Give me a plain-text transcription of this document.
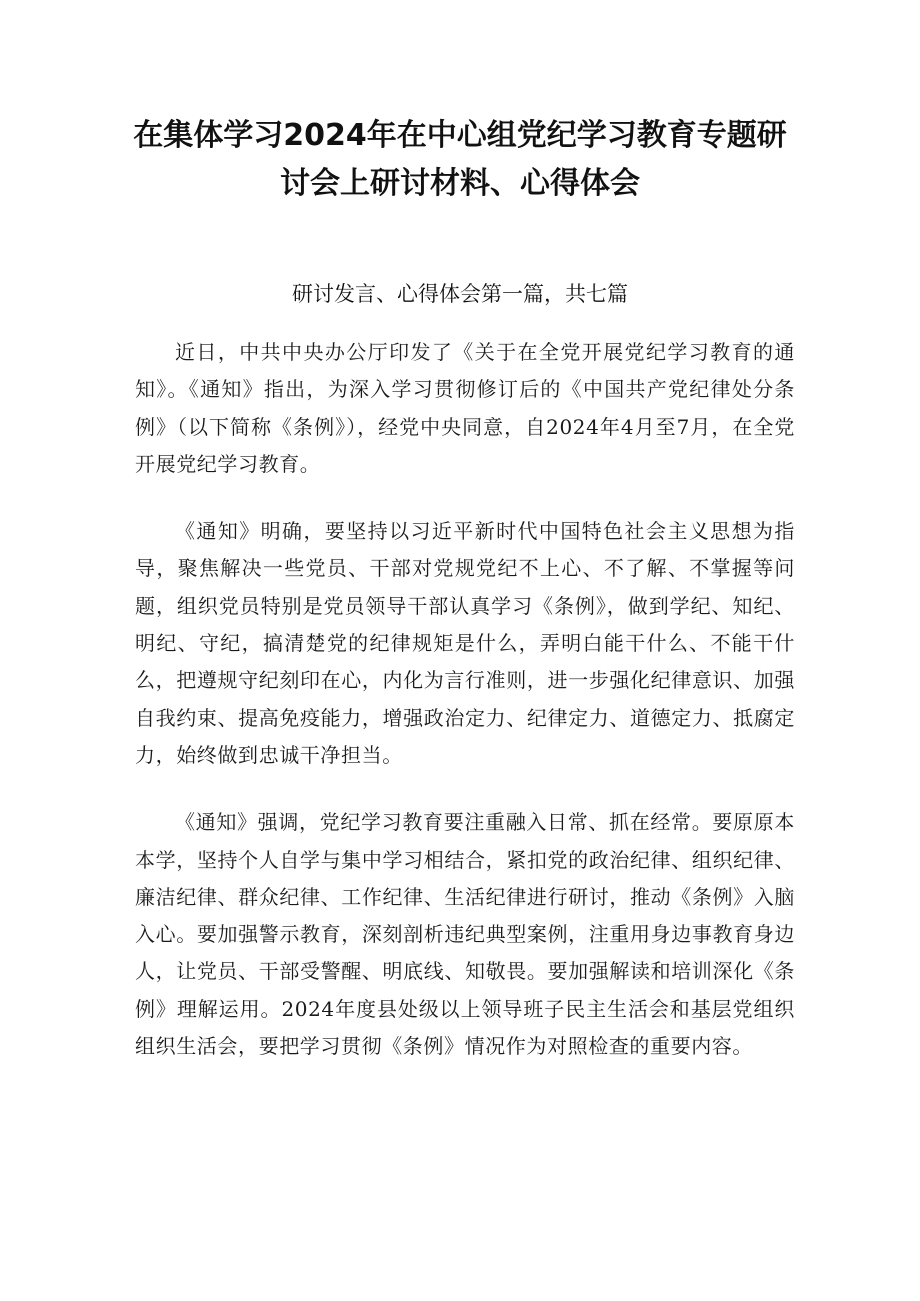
在集体学习2024年在中心组党纪学习教育专题研
讨会上研讨材料、心得体会
研讨发言、心得体会第一篇，共七篇

近日，中共中央办公厅印发了《关于在全党开展党纪学习教育的通知》。《通知》指出，为深入学习贯彻修订后的《中国共产党纪律处分条例》（以下简称《条例》），经党中央同意，自2024年4月至7月，在全党开展党纪学习教育。

《通知》明确，要坚持以习近平新时代中国特色社会主义思想为指导，聚焦解决一些党员、干部对党规党纪不上心、不了解、不掌握等问题，组织党员特别是党员领导干部认真学习《条例》，做到学纪、知纪、明纪、守纪，搞清楚党的纪律规矩是什么，弄明白能干什么、不能干什么，把遵规守纪刻印在心，内化为言行准则，进一步强化纪律意识、加强自我约束、提高免疫能力，增强政治定力、纪律定力、道德定力、抵腐定力，始终做到忠诚干净担当。

《通知》强调，党纪学习教育要注重融入日常、抓在经常。要原原本本学，坚持个人自学与集中学习相结合，紧扣党的政治纪律、组织纪律、廉洁纪律、群众纪律、工作纪律、生活纪律进行研讨，推动《条例》入脑入心。要加强警示教育，深刻剖析违纪典型案例，注重用身边事教育身边人，让党员、干部受警醒、明底线、知敬畏。要加强解读和培训深化《条例》理解运用。2024年度县处级以上领导班子民主生活会和基层党组织组织生活会，要把学习贯彻《条例》情况作为对照检查的重要内容。
